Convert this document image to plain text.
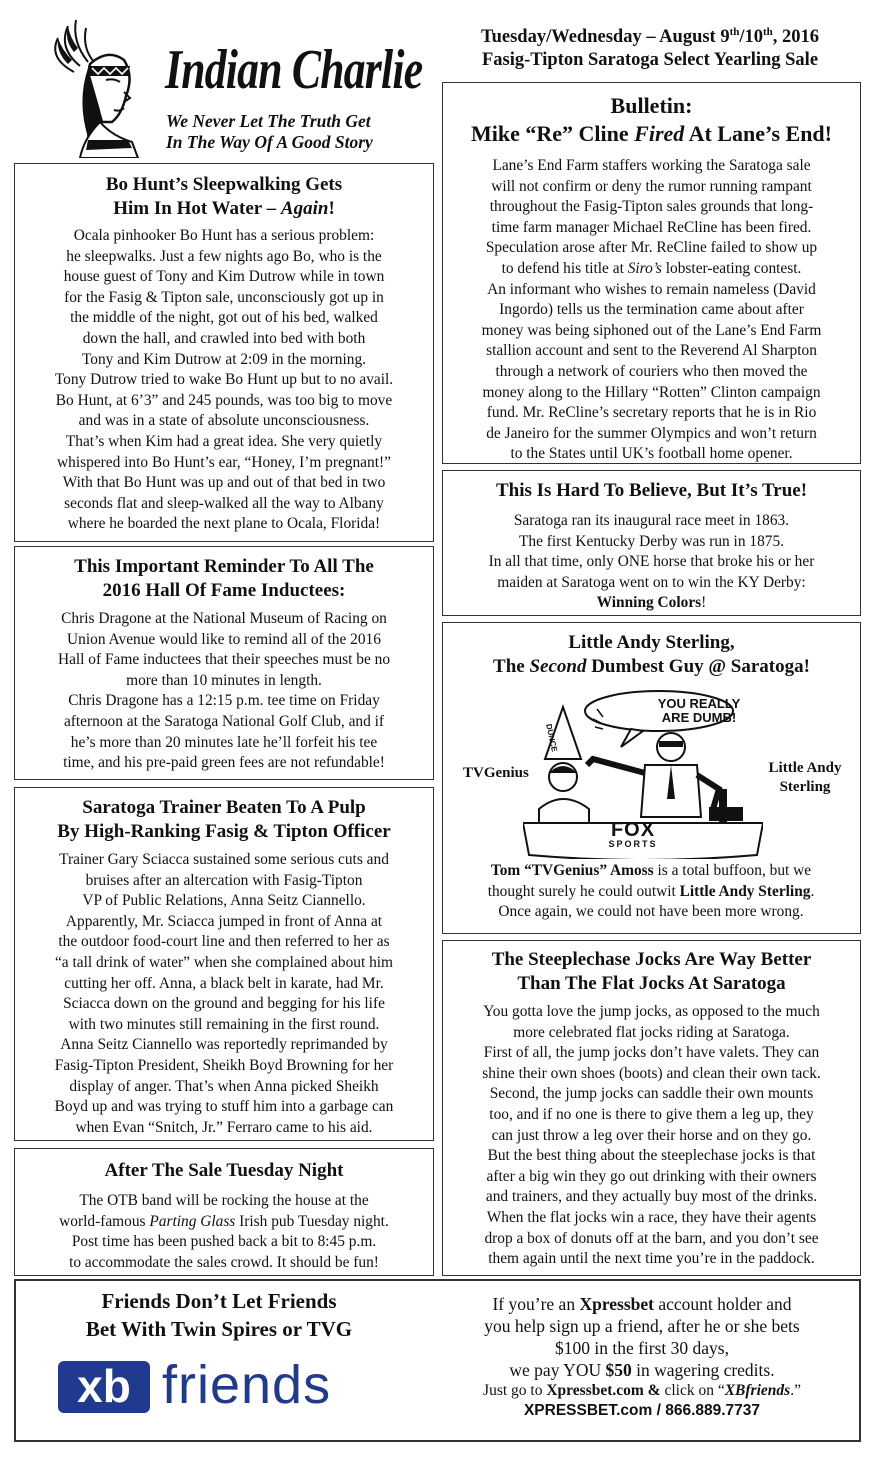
Indian Charlie
We Never Let The Truth Get
In The Way Of A Good Story
Tuesday/Wednesday – August 9th/10th, 2016
Fasig-Tipton Saratoga Select Yearling Sale
Bo Hunt’s Sleepwalking Gets
Him In Hot Water – Again!

Ocala pinhooker Bo Hunt has a serious problem:

he sleepwalks. Just a few nights ago Bo, who is the

house guest of Tony and Kim Dutrow while in town

for the Fasig & Tipton sale, unconsciously got up in

the middle of the night, got out of his bed, walked

down the hall, and crawled into bed with both

Tony and Kim Dutrow at 2:09 in the morning.

Tony Dutrow tried to wake Bo Hunt up but to no avail.

Bo Hunt, at 6’3” and 245 pounds, was too big to move

and was in a state of absolute unconsciousness.

That’s when Kim had a great idea. She very quietly

whispered into Bo Hunt’s ear, “Honey, I’m pregnant!”

With that Bo Hunt was up and out of that bed in two

seconds flat and sleep-walked all the way to Albany

where he boarded the next plane to Ocala, Florida!

This Important Reminder To All The
2016 Hall Of Fame Inductees:

Chris Dragone at the National Museum of Racing on

Union Avenue would like to remind all of the 2016

Hall of Fame inductees that their speeches must be no

more than 10 minutes in length.

Chris Dragone has a 12:15 p.m. tee time on Friday

afternoon at the Saratoga National Golf Club, and if

he’s more than 20 minutes late he’ll forfeit his tee

time, and his pre-paid green fees are not refundable!

Saratoga Trainer Beaten To A Pulp
By High-Ranking Fasig & Tipton Officer

Trainer Gary Sciacca sustained some serious cuts and

bruises after an altercation with Fasig-Tipton

VP of Public Relations, Anna Seitz Ciannello.

Apparently, Mr. Sciacca jumped in front of Anna at

the outdoor food-court line and then referred to her as

“a tall drink of water” when she complained about him

cutting her off. Anna, a black belt in karate, had Mr.

Sciacca down on the ground and begging for his life

with two minutes still remaining in the first round.

Anna Seitz Ciannello was reportedly reprimanded by

Fasig-Tipton President, Sheikh Boyd Browning for her

display of anger. That’s when Anna picked Sheikh

Boyd up and was trying to stuff him into a garbage can

when Evan “Snitch, Jr.” Ferraro came to his aid.

After The Sale Tuesday Night

The OTB band will be rocking the house at the

world-famous Parting Glass Irish pub Tuesday night.

Post time has been pushed back a bit to 8:45 p.m.

to accommodate the sales crowd. It should be fun!

Bulletin:
Mike “Re” Cline Fired At Lane’s End!

Lane’s End Farm staffers working the Saratoga sale

will not confirm or deny the rumor running rampant

throughout the Fasig-Tipton sales grounds that long-

time farm manager Michael ReCline has been fired.

Speculation arose after Mr. ReCline failed to show up

to defend his title at Siro’s lobster-eating contest.

An informant who wishes to remain nameless (David

Ingordo) tells us the termination came about after

money was being siphoned out of the Lane’s End Farm

stallion account and sent to the Reverend Al Sharpton

through a network of couriers who then moved the

money along to the Hillary “Rotten” Clinton campaign

fund. Mr. ReCline’s secretary reports that he is in Rio

de Janeiro for the summer Olympics and won’t return

to the States until UK’s football home opener.

This Is Hard To Believe, But It’s True!

Saratoga ran its inaugural race meet in 1863.

The first Kentucky Derby was run in 1875.

In all that time, only ONE horse that broke his or her

maiden at Saratoga went on to win the KY Derby:

Winning Colors!

Little Andy Sterling,
The Second Dumbest Guy @ Saratoga!
TVGenius	Little Andy
Sterling
YOU REALLY
ARE DUMB!
DUNCE
FOX
SPORTS

Tom “TVGenius” Amoss is a total buffoon, but we

thought surely he could outwit Little Andy Sterling.

Once again, we could not have been more wrong.

The Steeplechase Jocks Are Way Better
Than The Flat Jocks At Saratoga

You gotta love the jump jocks, as opposed to the much

more celebrated flat jocks riding at Saratoga.

First of all, the jump jocks don’t have valets. They can

shine their own shoes (boots) and clean their own tack.

Second, the jump jocks can saddle their own mounts

too, and if no one is there to give them a leg up, they

can just throw a leg over their horse and on they go.

But the best thing about the steeplechase jocks is that

after a big win they go out drinking with their owners

and trainers, and they actually buy most of the drinks.

When the flat jocks win a race, they have their agents

drop a box of donuts off at the barn, and you don’t see

them again until the next time you’re in the paddock.

Friends Don’t Let Friends
Bet With Twin Spires or TVG
xb friends
If you’re an Xpressbet account holder and
you help sign up a friend, after he or she bets
$100 in the first 30 days,
we pay YOU $50 in wagering credits.
Just go to Xpressbet.com & click on “XBfriends.”
XPRESSBET.com / 866.889.7737
